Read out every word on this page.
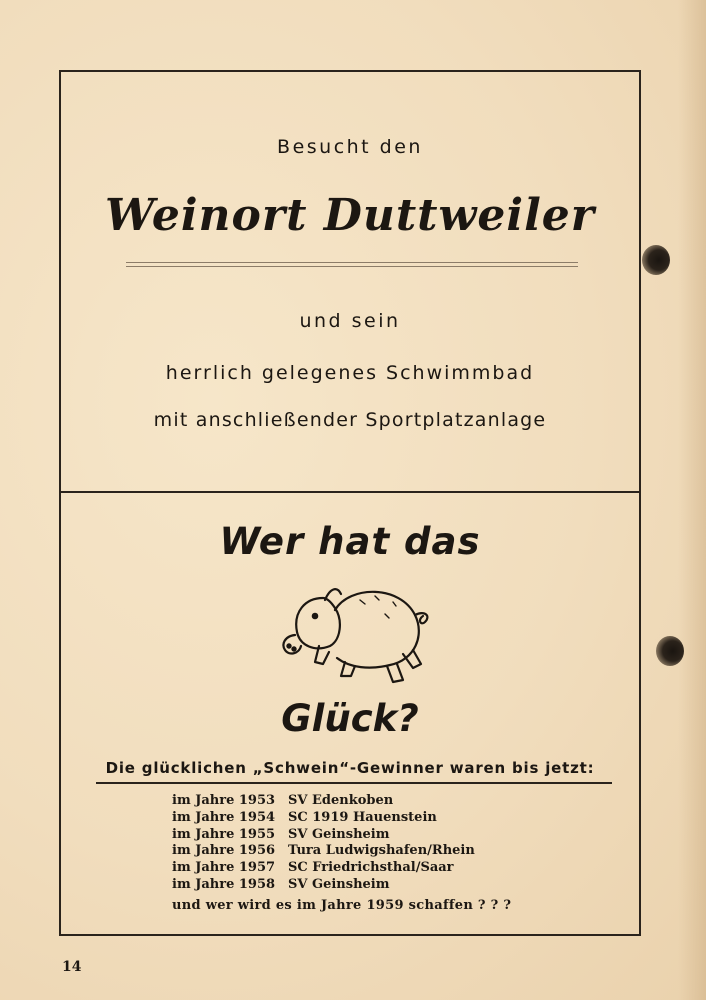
Besucht den
Weinort Duttweiler
und sein
herrlich gelegenes Schwimmbad
mit anschließender Sportplatzanlage
Wer hat das
Glück?
Die glücklichen „Schwein“-Gewinner waren bis jetzt:
im Jahre 1953 SV Edenkoben
im Jahre 1954 SC 1919 Hauenstein
im Jahre 1955 SV Geinsheim
im Jahre 1956 Tura Ludwigshafen/Rhein
im Jahre 1957 SC Friedrichsthal/Saar
im Jahre 1958 SV Geinsheim
und wer wird es im Jahre 1959 schaffen ? ? ?
14
